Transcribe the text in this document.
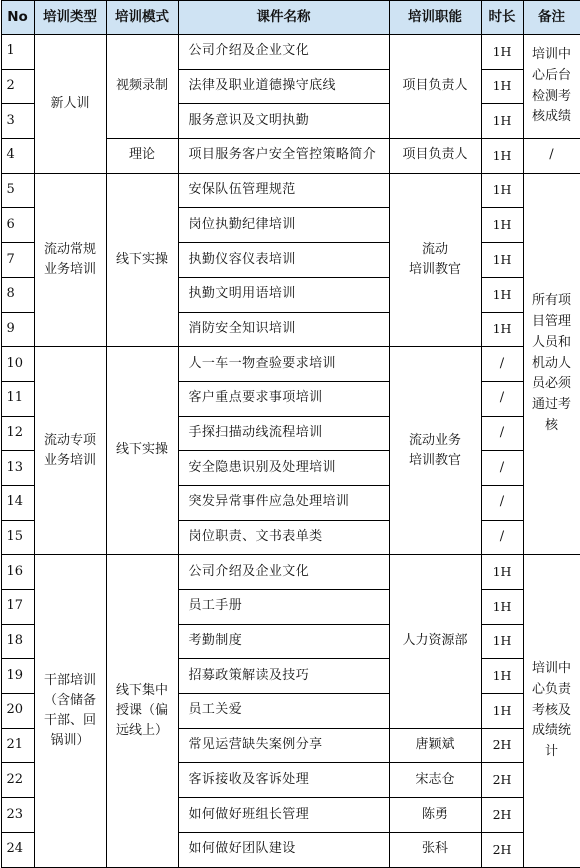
No	培训类型	培训模式	课件名称	培训职能	时长	备注
1	新人训	视频录制	公司介绍及企业文化	项目负责人	1H	培训中心后台检测考核成绩
2			法律及职业道德操守底线		1H	
3			服务意识及文明执勤		1H	
4		理论	项目服务客户安全管控策略简介	项目负责人	1H	/
5	流动常规
业务培训	线下实操	安保队伍管理规范	流动
培训教官	1H	所有项目管理人员和机动人员必须通过考核
6			岗位执勤纪律培训		1H	
7			执勤仪容仪表培训		1H	
8			执勤文明用语培训		1H	
9			消防安全知识培训		1H	
10	流动专项
业务培训	线下实操	人一车一物查验要求培训	流动业务
培训教官	/	
11			客户重点要求事项培训		/	
12			手探扫描动线流程培训		/	
13			安全隐患识别及处理培训		/	
14			突发异常事件应急处理培训		/	
15			岗位职责、文书表单类		/	
16	干部培训
（含储备
干部、回
锅训）	线下集中
授课（偏
远线上）	公司介绍及企业文化	人力资源部	1H	培训中心负责考核及成绩统计
17			员工手册		1H	
18			考勤制度		1H	
19			招募政策解读及技巧		1H	
20			员工关爱		1H	
21			常见运营缺失案例分享	唐颖斌	2H	
22			客诉接收及客诉处理	宋志仓	2H	
23			如何做好班组长管理	陈勇	2H	
24			如何做好团队建设	张科	2H	
